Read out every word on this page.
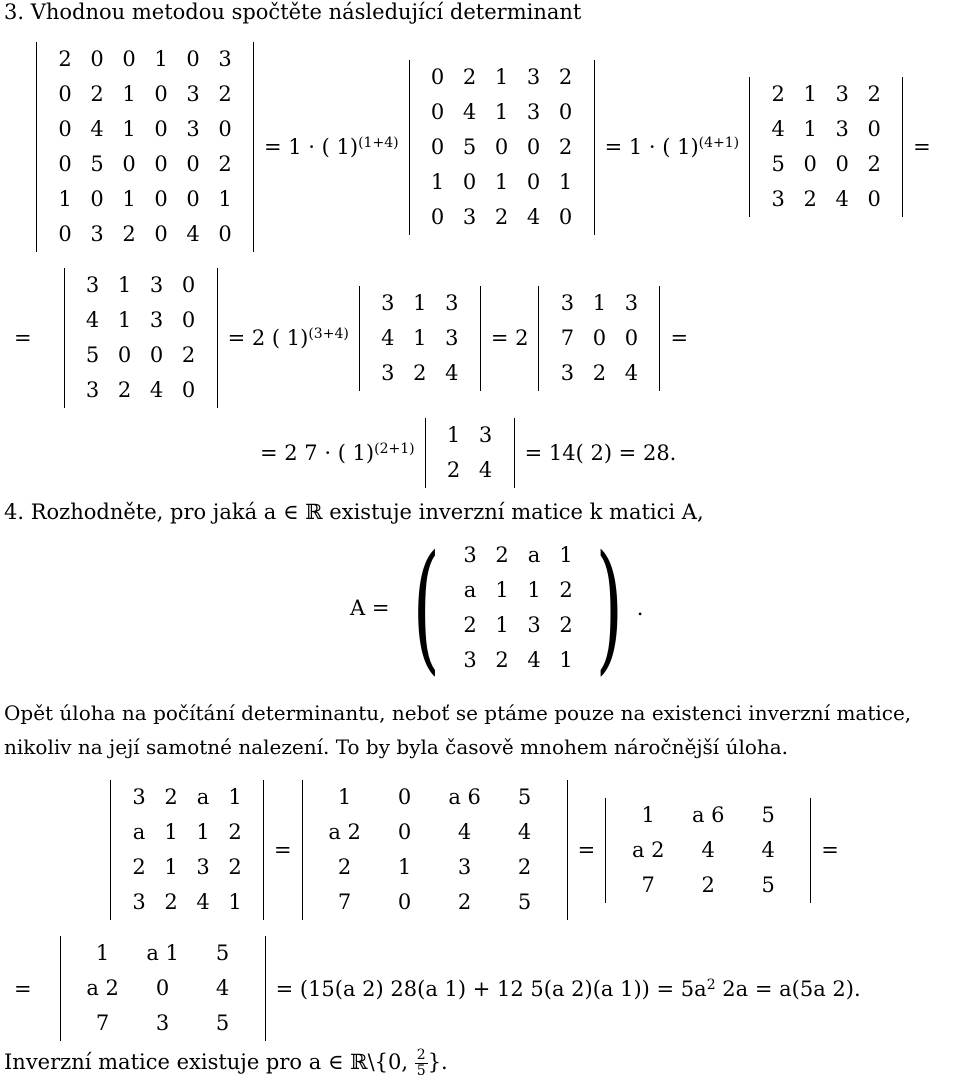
3. Vhodnou metodou spočtěte následující determinant
2 0 0 1 0 3
0 2 1 0 3 2
0 4 1 0 3 0
0 5 0 0 0 2
1 0 1 0 0 1
0 3 2 0 4 0
= 1 · ( 1)$^{(1+4)}$
0 2 1 3 2
0 4 1 3 0
0 5 0 0 2
1 0 1 0 1
0 3 2 4 0
= 1 · ( 1)$^{(4+1)}$
2 1 3 2
4 1 3 0
5 0 0 2
3 2 4 0
=
=
3 1 3 0
4 1 3 0
5 0 0 2
3 2 4 0
= 2 ( 1)$^{(3+4)}$
3 1 3
4 1 3
3 2 4
= 2
3 1 3
7 0 0
3 2 4
=
= 2 7 · ( 1)$^{(2+1)}$
1 3
2 4
= 14( 2) = 28.
4. Rozhodněte, pro jaká a ∈ ℝ existuje inverzní matice k matici A,
A = (	3 2 a 1
a 1 1 2
2 1 3 2
3 2 4 1 ) .
Opět úloha na počítání determinantu, neboť se ptáme pouze na existenci inverzní matice, nikoliv na její samotné nalezení. To by byla časově mnohem náročnější úloha.
3 2 a 1
a 1 1 2
2 1 3 2
3 2 4 1
=
1	0	a 6	5
a 2	0	4	4
2	1	3	2
7	0	2	5
=
1	a 6	5
a 2	4	4
7	2	5
=
=
1	a 1	5
a 2	0	4
7	3	5
= (15(a 2) 28(a 1) + 12 5(a 2)(a $1)) = 5a^2$
2a = a(5a 2).
Inverzní matice existuje pro a ∈ ℝ\{0, $\frac{2}{5}$ }.
